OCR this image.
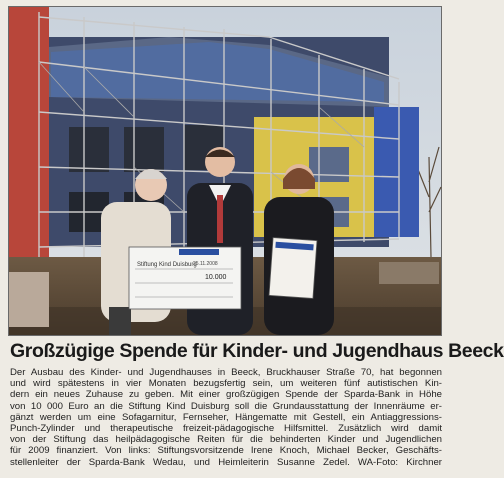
Stiftung Kind Duisburg
10.000
25.11.2008
Großzügige Spende für Kinder- und Jugendhaus Beeck
Der Ausbau des Kinder- und Jugendhauses in Beeck, Bruckhauser Straße 70, hat begonnen
und wird spätestens in vier Monaten bezugsfertig sein, um weiteren fünf autistischen Kin-
dern ein neues Zuhause zu geben. Mit einer großzügigen Spende der Sparda-Bank in Höhe
von 10 000 Euro an die Stiftung Kind Duisburg soll die Grundausstattung der Innenräume er-
gänzt werden um eine Sofagarnitur, Fernseher, Hängematte mit Gestell, ein Antiaggressions-
Punch-Zylinder und therapeutische freizeit-pädagogische Hilfsmittel. Zusätzlich wird damit
von der Stiftung das heilpädagogische Reiten für die behinderten Kinder und Jugendlichen
für 2009 finanziert. Von links: Stiftungsvorsitzende Irene Knoch, Michael Becker, Geschäfts-
stellenleiter der Sparda-Bank Wedau, und Heimleiterin Susanne Zedel. WA-Foto: Kirchner
